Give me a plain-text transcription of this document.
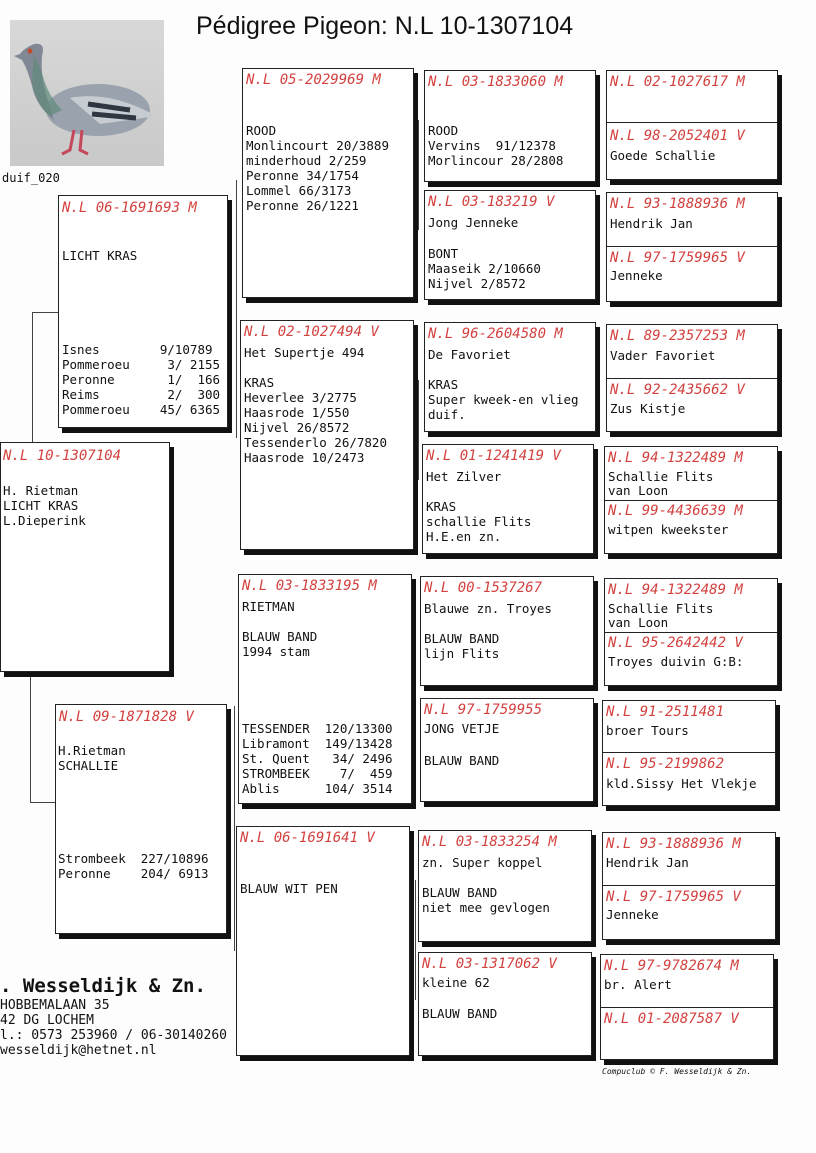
Pédigree Pigeon: N.L 10-1307104
duif_020
N.L 10-1307104
H. Rietman
LICHT KRAS
L.Dieperink
N.L 06-1691693 M
LICHT KRAS
Isnes        9/10789
Pommeroeu     3/ 2155
Peronne       1/  166
Reims         2/  300
Pommeroeu    45/ 6365
N.L 09-1871828 V
H.Rietman
SCHALLIE
Strombeek  227/10896
Peronne    204/ 6913
N.L 05-2029969 M
ROOD
Monlincourt 20/3889
minderhoud 2/259
Peronne 34/1754
Lommel 66/3173
Peronne 26/1221
N.L 02-1027494 V
Het Supertje 494
KRAS
Heverlee 3/2775
Haasrode 1/550
Nijvel 26/8572
Tessenderlo 26/7820
Haasrode 10/2473
N.L 03-1833195 M
RIETMAN
BLAUW BAND
1994 stam
TESSENDER  120/13300
Libramont  149/13428
St. Quent   34/ 2496
STROMBEEK    7/  459
Ablis      104/ 3514
N.L 06-1691641 V
BLAUW WIT PEN
N.L 03-1833060 M
ROOD
Vervins  91/12378
Morlincour 28/2808
N.L 03-183219 V
Jong Jenneke
BONT
Maaseik 2/10660
Nijvel 2/8572
N.L 96-2604580 M
De Favoriet
KRAS
Super kweek-en vlieg
duif.
N.L 01-1241419 V
Het Zilver
KRAS
schallie Flits
H.E.en zn.
N.L 00-1537267
Blauwe zn. Troyes
BLAUW BAND
lijn Flits
N.L 97-1759955
JONG VETJE
BLAUW BAND
N.L 03-1833254 M
zn. Super koppel
BLAUW BAND
niet mee gevlogen
N.L 03-1317062 V
kleine 62
BLAUW BAND
N.L 02-1027617 M
N.L 98-2052401 V
Goede Schallie
N.L 93-1888936 M
Hendrik Jan
N.L 97-1759965 V
Jenneke
N.L 89-2357253 M
Vader Favoriet
N.L 92-2435662 V
Zus Kistje
N.L 94-1322489 M
Schallie Flits
van Loon
N.L 99-4436639 M
witpen kweekster
N.L 94-1322489 M
Schallie Flits
van Loon
N.L 95-2642442 V
Troyes duivin G:B:
N.L 91-2511481
broer Tours
N.L 95-2199862
kld.Sissy Het Vlekje
N.L 93-1888936 M
Hendrik Jan
N.L 97-1759965 V
Jenneke
N.L 97-9782674 M
br. Alert
N.L 01-2087587 V
. Wesseldijk & Zn.
HOBBEMALAAN 35
42 DG LOCHEM
l.: 0573 253960 / 06-30140260
wesseldijk@hetnet.nl
Compuclub © F. Wesseldijk & Zn.
